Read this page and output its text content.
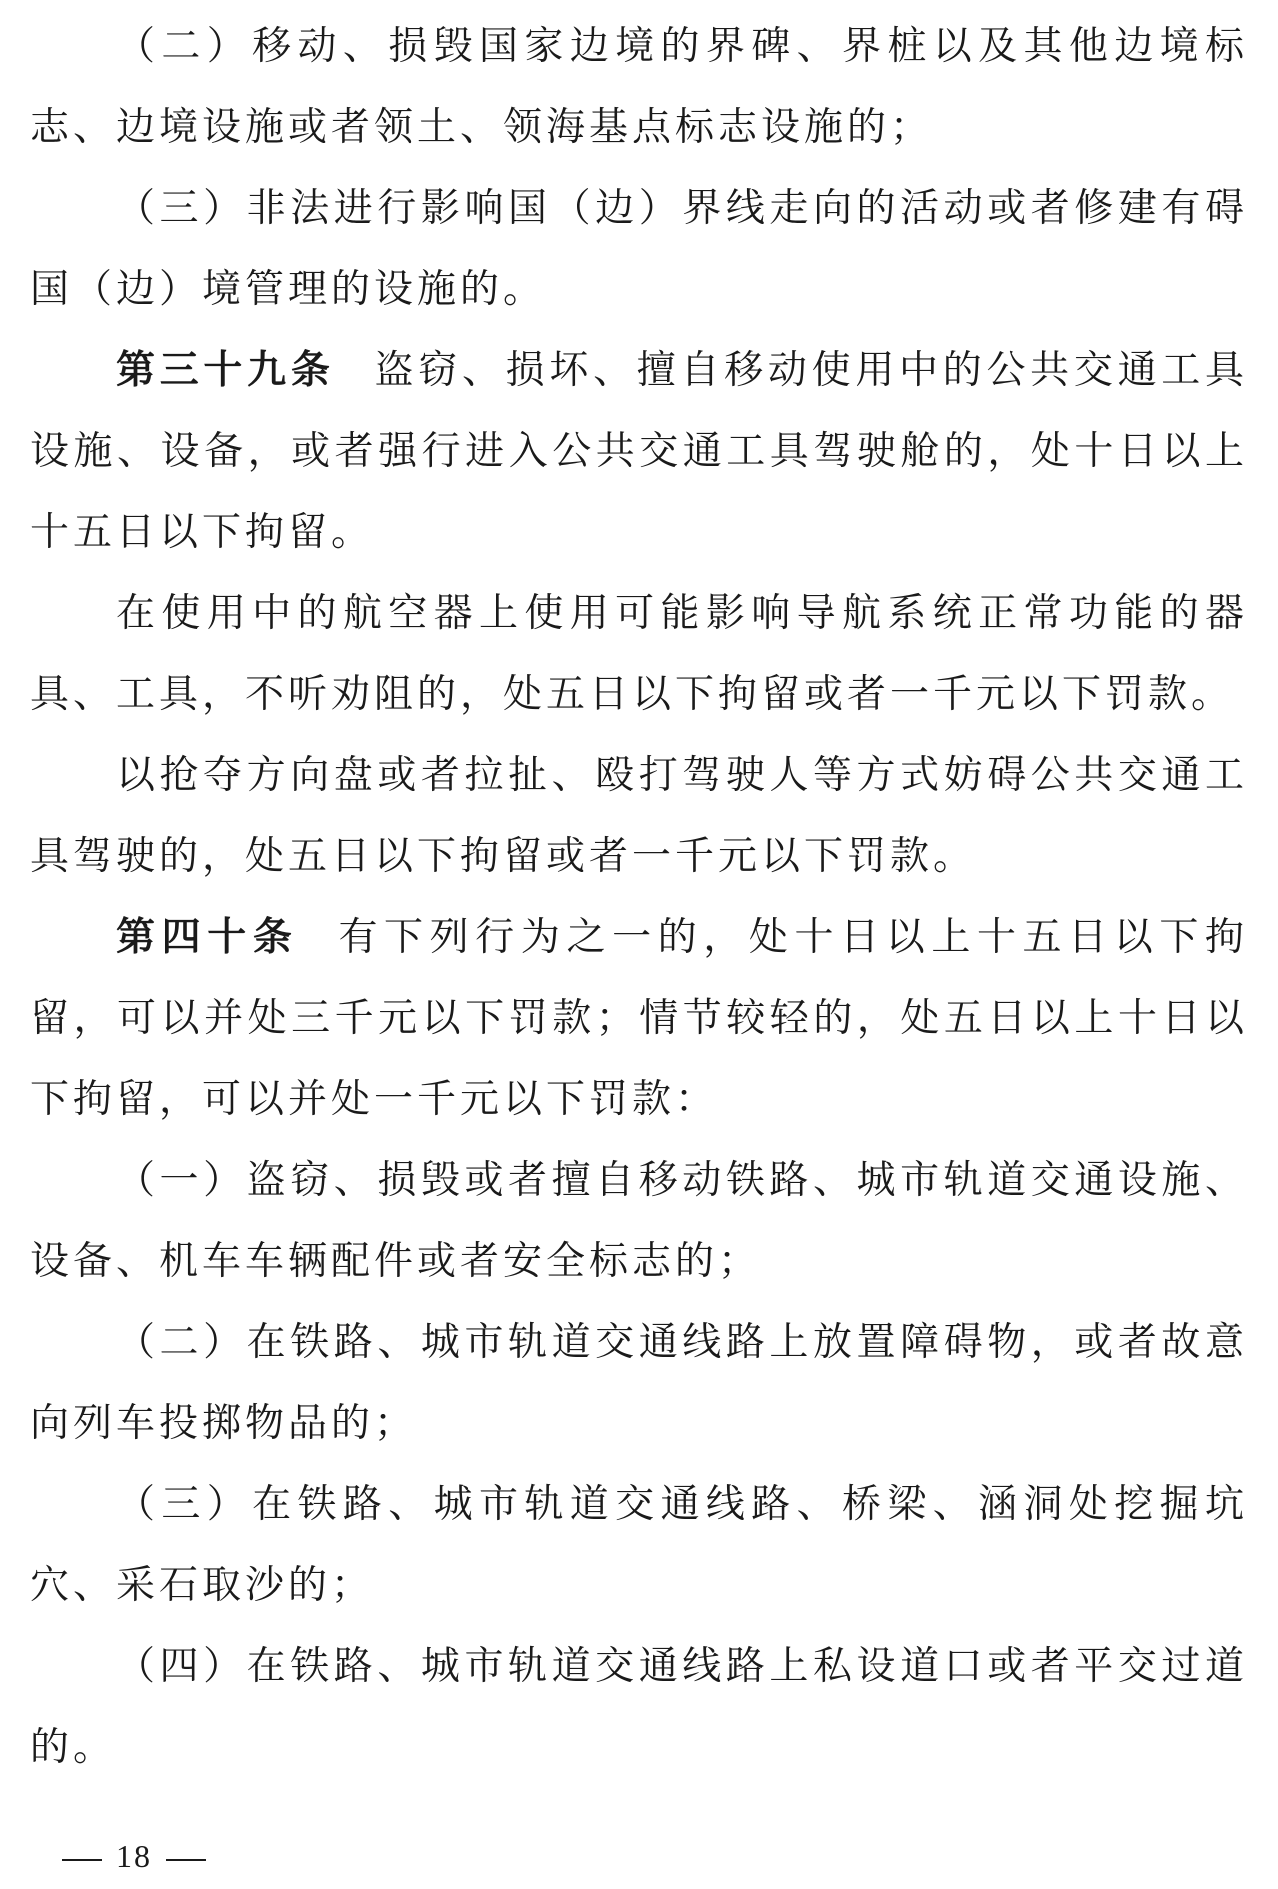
（二）移动、损毁国家边境的界碑、界桩以及其他边境标志、边境设施或者领土、领海基点标志设施的；

（三）非法进行影响国（边）界线走向的活动或者修建有碍国（边）境管理的设施的。

第三十九条 盗窃、损坏、擅自移动使用中的公共交通工具设施、设备，或者强行进入公共交通工具驾驶舱的，处十日以上十五日以下拘留。

在使用中的航空器上使用可能影响导航系统正常功能的器具、工具，不听劝阻的，处五日以下拘留或者一千元以下罚款。

以抢夺方向盘或者拉扯、殴打驾驶人等方式妨碍公共交通工具驾驶的，处五日以下拘留或者一千元以下罚款。

第四十条 有下列行为之一的，处十日以上十五日以下拘留，可以并处三千元以下罚款；情节较轻的，处五日以上十日以下拘留，可以并处一千元以下罚款：

（一）盗窃、损毁或者擅自移动铁路、城市轨道交通设施、设备、机车车辆配件或者安全标志的；

（二）在铁路、城市轨道交通线路上放置障碍物，或者故意向列车投掷物品的；

（三）在铁路、城市轨道交通线路、桥梁、涵洞处挖掘坑穴、采石取沙的；

（四）在铁路、城市轨道交通线路上私设道口或者平交过道的。

18
